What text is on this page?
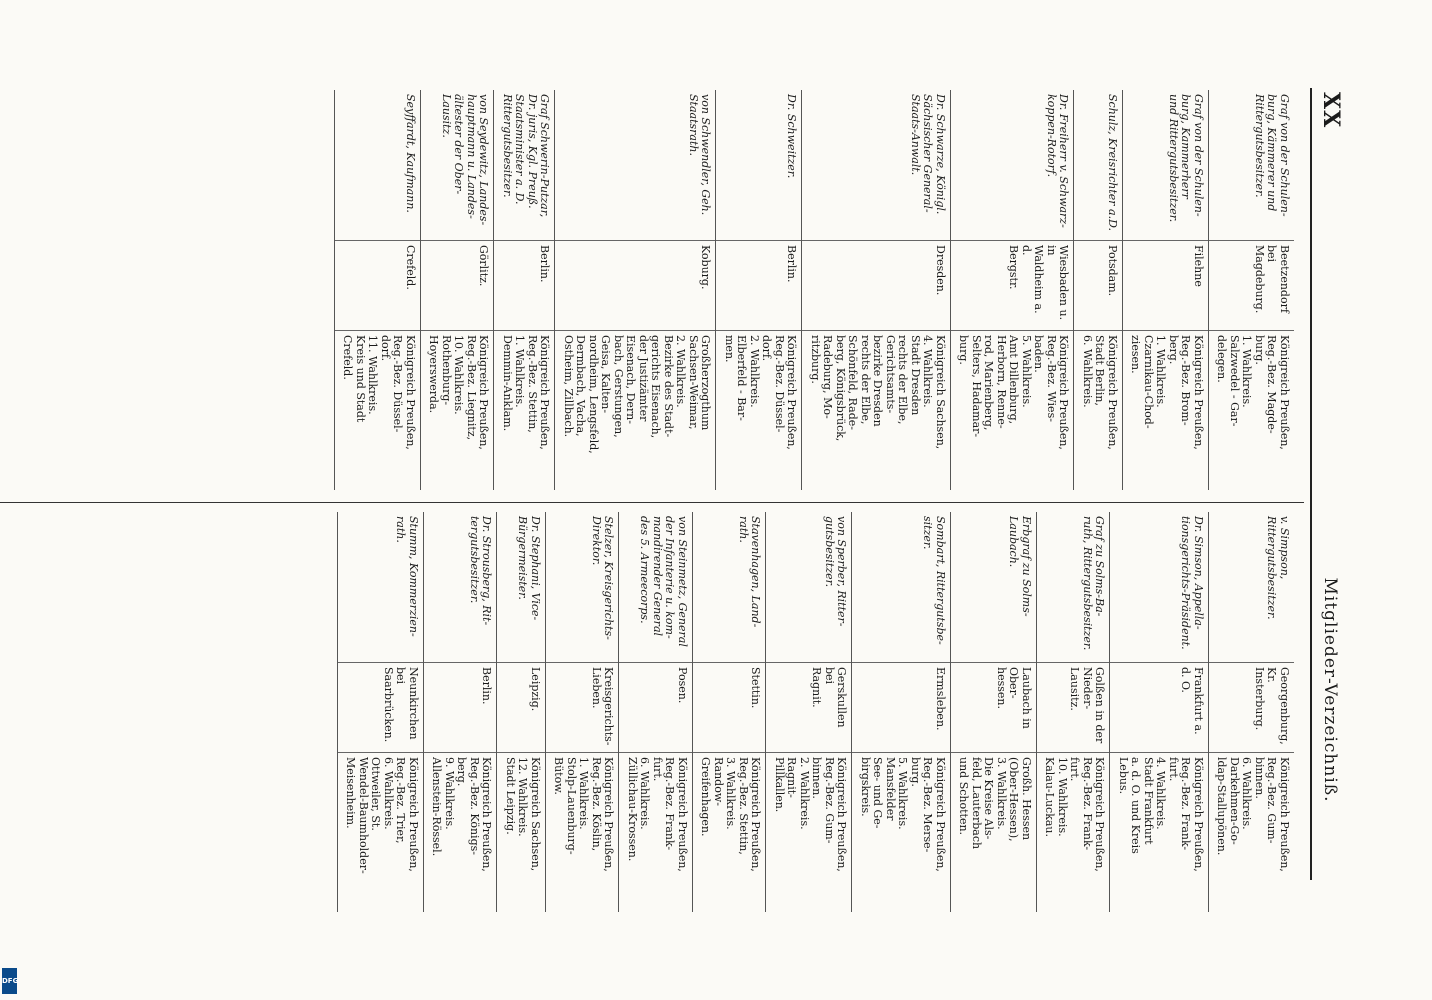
XX
Mitglieder-Verzeichniß.
Graf von der Schulen-
burg, Kämmerer und
Rittergutsbesitzer.
Beetzendorf bei
Magdeburg.
Königreich Preußen,
Reg.-Bez. Magde-
burg.
1. Wahlkreis.
Salzwedel - Gar-
delegen.
Graf von der Schulen-
burg, Kammerherr
und Rittergutsbesitzer.
Filehne
Königreich Preußen,
Reg.-Bez. Brom-
berg.
1. Wahlkreis.
Czarnikau-Chod-
ziesen.
Schulz, Kreisrichter a.D.
Potsdam.
Königreich Preußen,
Stadt Berlin,
6. Wahlkreis.
Dr. Freiherr v. Schwarz-
koppen-Rotorf.
Wiesbaden u. in
Waldheim a. d.
Bergstr.
Königreich Preußen,
Reg.-Bez. Wies-
baden.
5. Wahlkreis.
Amt Dillenburg,
Herborn, Renne-
rod, Marienberg,
Selters, Hadamar-
burg.
Dr. Schwarze, Königl.
Sächsischer General-
Staats-Anwalt.
Dresden.
Königreich Sachsen,
4. Wahlkreis.
Stadt Dresden
rechts der Elbe,
Gerichtsamts-
bezirke Dresden
rechts der Elbe,
Schönfeld, Rade-
berg, Königsbrück,
Radeburg, Mo-
ritzburg.
Dr. Schweitzer.
Berlin.
Königreich Preußen,
Reg.-Bez. Düssel-
dorf.
2. Wahlkreis.
Elberfeld - Bar-
men.
von Schwendler, Geh.
Staatsrath.
Koburg.
Großherzogthum
Sachsen-Weimar,
2. Wahlkreis.
Bezirke des Stadt-
gerichts Eisenach,
der Justizämter
Eisenach, Dern-
bach, Gerstungen,
Geisa, Kalten-
nordheim, Lengsfeld,
Dermbach, Vacha,
Ostheim, Zillbach.
Graf Schwerin-Putzar,
Dr. juris, Kgl. Preuß.
Staatsminister a. D.
Rittergutsbesitzer.
Berlin.
Königreich Preußen,
Reg.-Bez. Stettin,
1. Wahlkreis.
Demmin-Anklam.
von Seydewitz, Landes-
hauptmann u. Landes-
ältester der Ober-Lausitz.
Görlitz.
Königreich Preußen,
Reg.-Bez. Liegnitz,
10. Wahlkreis.
Rothenburg-
Hoyerswerda.
Seyffardt, Kaufmann.
Crefeld.
Königreich Preußen,
Reg.-Bez. Düssel-
dorf.
11. Wahlkreis.
Kreis und Stadt
Crefeld.
v. Simpson, Rittergutsbesitzer.
Georgenburg,
Kr. Insterburg.
Königreich Preußen,
Reg.-Bez. Gum-
binnen.
6. Wahlkreis.
Darkehmen-Go-
ldap-Stallupönen.
Dr. Simson, Appella-
tionsgerichts-Präsident.
Frankfurt a. d. O.
Königreich Preußen,
Reg.-Bez. Frank-
furt.
4. Wahlkreis.
Stadt Frankfurt
a. d. O. und Kreis
Lebus.
Graf zu Solms-Ba-
ruth, Rittergutsbesitzer.
Golßen in der
Nieder-Lausitz.
Königreich Preußen,
Reg.-Bez. Frank-
furt.
10. Wahlkreis.
Kalau-Luckau.
Erbgraf zu Solms-
Laubach.
Laubach in Ober-
hessen.
Großh. Hessen
(Ober-Hessen),
3. Wahlkreis.
Die Kreise Als-
feld, Lauterbach
und Schotten.
Sombart, Rittergutsbe-
sitzer.
Ermsleben.
Königreich Preußen,
Reg.-Bez. Merse-
burg.
5. Wahlkreis.
Mansfelder
See- und Ge-
birgskreis.
von Sperber, Ritter-
gutsbesitzer.
Gerskullen bei
Ragnit.
Königreich Preußen,
Reg.-Bez. Gum-
binnen.
2. Wahlkreis.
Ragnit-
Pillkallen.
Stavenhagen, Land-
rath.
Stettin.
Königreich Preußen,
Reg.-Bez. Stettin,
3. Wahlkreis.
Randow-
Greifenhagen.
von Steinmetz, General
der Infanterie u. kom-
mandirender General
des 5. Armeecorps.
Posen.
Königreich Preußen,
Reg.-Bez. Frank-
furt.
6. Wahlkreis.
Züllichau-Krossen.
Stelzer, Kreisgerichts-
Direktor.
Kreisgerichts-
Lieben.
Königreich Preußen,
Reg.-Bez. Köslin,
1. Wahlkreis.
Stolp-Lauenburg-
Bütow.
Dr. Stephani, Vice-
Bürgermeister.
Leipzig.
Königreich Sachsen,
12. Wahlkreis.
Stadt Leipzig.
Dr. Strousberg, Rit-
tergutsbesitzer.
Berlin.
Königreich Preußen,
Reg.-Bez. Königs-
berg.
9. Wahlkreis.
Allenstein-Rössel.
Stumm, Kommerzien-
rath.
Neunkirchen bei
Saarbrücken.
Königreich Preußen,
Reg.-Bez. Trier,
6. Wahlkreis.
Ottweiler, St.
Wendel-Baumholder-
Meisenheim.
DFG
